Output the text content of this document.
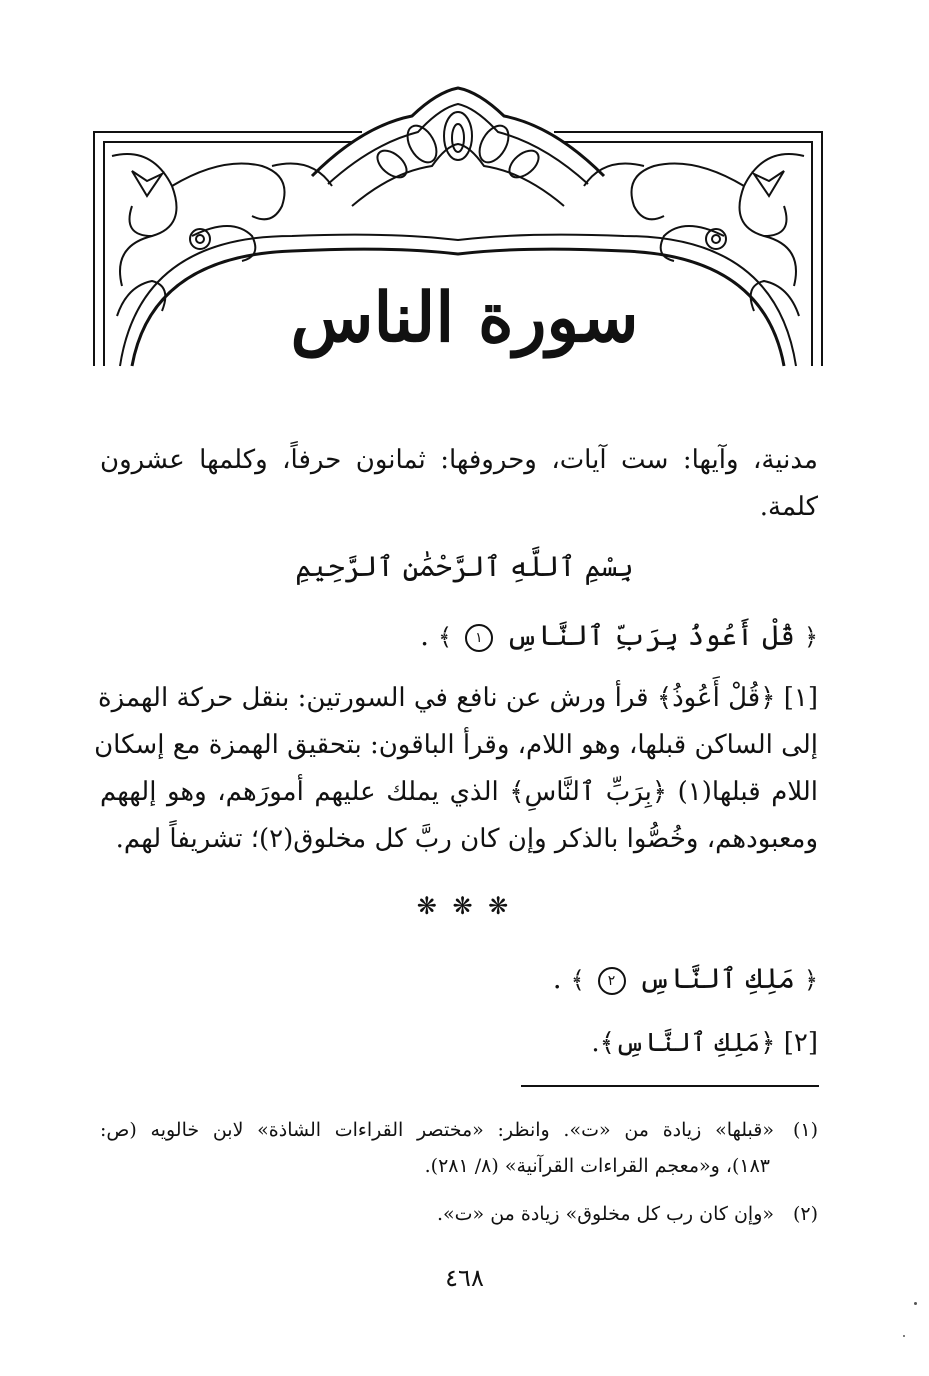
سورة الناس
مدنية، وآيها: ست آيات، وحروفها: ثمانون حرفاً، وكلمها عشرون
كلمة.
بِسْمِ ٱللَّهِ ٱلرَّحْمَٰنِ ٱلرَّحِيمِ
﴿ قُلْ أَعُوذُ بِرَبِّ ٱلنَّاسِ ١ ﴾ .
[١] ﴿قُلْ أَعُوذُ﴾ قرأ ورش عن نافع في السورتين: بنقل حركة الهمزة
إلى الساكن قبلها، وهو اللام، وقرأ الباقون: بتحقيق الهمزة مع إسكان
اللام قبلها(١) ﴿بِرَبِّ ٱلنَّاسِ﴾ الذي يملك عليهم أمورَهم، وهو إلههم
ومعبودهم، وخُصُّوا بالذكر وإن كان ربَّ كل مخلوق(٢)؛ تشريفاً لهم.
❋ ❋ ❋
﴿ مَلِكِ ٱلنَّاسِ ٢ ﴾ .
[٢] ﴿مَلِكِ ٱلنَّاسِ﴾.
(١)«قبلها» زيادة من «ت». وانظر: «مختصر القراءات الشاذة» لابن خالويه (ص:
١٨٣)، و«معجم القراءات القرآنية» (٨/ ٢٨١).
(٢)«وإن كان رب كل مخلوق» زيادة من «ت».
٤٦٨
